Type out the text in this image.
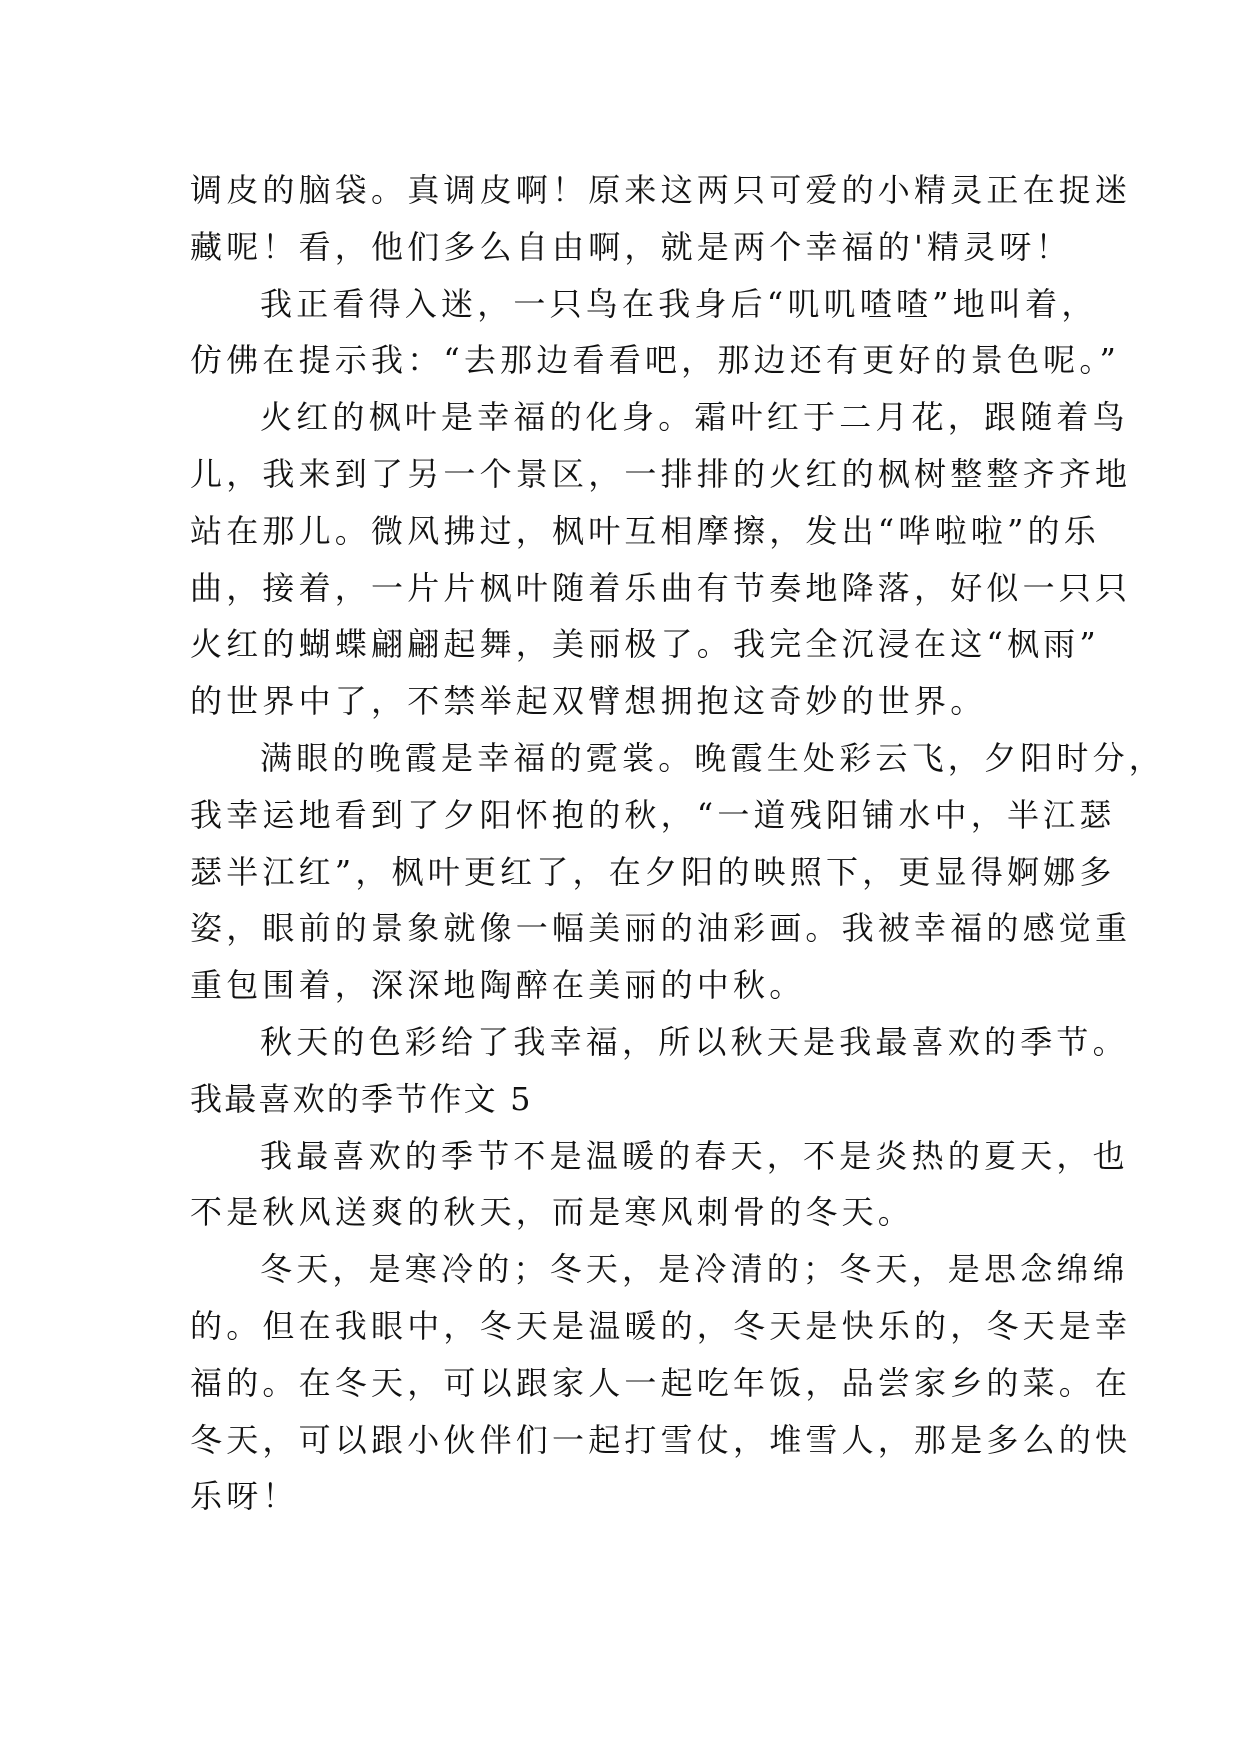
调皮的脑袋。真调皮啊！原来这两只可爱的小精灵正在捉迷
藏呢！看，他们多么自由啊，就是两个幸福的'精灵呀！
我正看得入迷，一只鸟在我身后“叽叽喳喳”地叫着，
仿佛在提示我：“去那边看看吧，那边还有更好的景色呢。”
火红的枫叶是幸福的化身。霜叶红于二月花，跟随着鸟
儿，我来到了另一个景区，一排排的火红的枫树整整齐齐地
站在那儿。微风拂过，枫叶互相摩擦，发出“哗啦啦”的乐
曲，接着，一片片枫叶随着乐曲有节奏地降落，好似一只只
火红的蝴蝶翩翩起舞，美丽极了。我完全沉浸在这“枫雨”
的世界中了，不禁举起双臂想拥抱这奇妙的世界。
满眼的晚霞是幸福的霓裳。晚霞生处彩云飞，夕阳时分，
我幸运地看到了夕阳怀抱的秋，“一道残阳铺水中，半江瑟
瑟半江红”，枫叶更红了，在夕阳的映照下，更显得婀娜多
姿，眼前的景象就像一幅美丽的油彩画。我被幸福的感觉重
重包围着，深深地陶醉在美丽的中秋。
秋天的色彩给了我幸福，所以秋天是我最喜欢的季节。
我最喜欢的季节作文 5
我最喜欢的季节不是温暖的春天，不是炎热的夏天，也
不是秋风送爽的秋天，而是寒风刺骨的冬天。
冬天，是寒冷的；冬天，是冷清的；冬天，是思念绵绵
的。但在我眼中，冬天是温暖的，冬天是快乐的，冬天是幸
福的。在冬天，可以跟家人一起吃年饭，品尝家乡的菜。在
冬天，可以跟小伙伴们一起打雪仗，堆雪人，那是多么的快
乐呀！
